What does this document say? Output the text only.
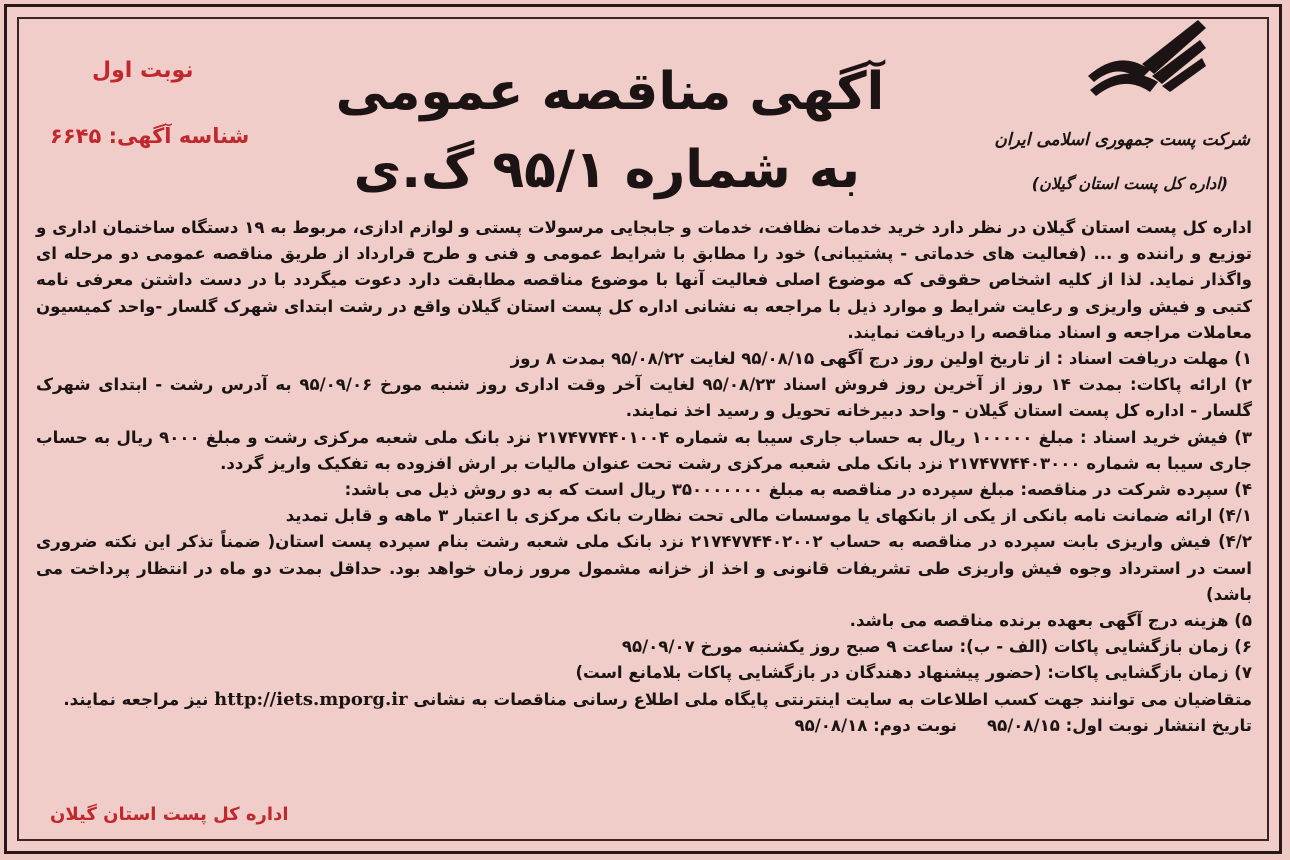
شرکت پست جمهوری اسلامی ایران
(اداره کل پست استان گیلان)
آگهی مناقصه عمومی
به شماره ۹۵/۱ گ.ی
نوبت اول
شناسه آگهی: ۶۶۴۵

اداره کل پست استان گیلان در نظر دارد خرید خدمات نظافت، خدمات و جابجایی مرسولات پستی و لوازم ادازی، مربوط به ۱۹ دستگاه ساختمان اداری و توزیع و راننده و ... (فعالیت های خدماتی - پشتیبانی) خود را مطابق با شرایط عمومی و فنی و طرح قرارداد از طریق مناقصه عمومی دو مرحله ای واگذار نماید. لذا از کلیه اشخاص حقوقی که موضوع اصلی فعالیت آنها با موضوع مناقصه مطابقت دارد دعوت میگردد با در دست داشتن معرفی نامه کتبی و فیش واریزی و رعایت شرایط و موارد ذیل با مراجعه به نشانی اداره کل پست استان گیلان واقع در رشت ابتدای شهرک گلسار -واحد کمیسیون معاملات مراجعه و اسناد مناقصه را دریافت نمایند.

۱) مهلت دریافت اسناد : از تاریخ اولین روز درج آگهی ۹۵/۰۸/۱۵ لغایت ۹۵/۰۸/۲۲ بمدت ۸ روز

۲) ارائه پاکات: بمدت ۱۴ روز از آخرین روز فروش اسناد ۹۵/۰۸/۲۳ لغایت آخر وقت اداری روز شنبه مورخ ۹۵/۰۹/۰۶ به آدرس رشت - ابتدای شهرک گلسار - اداره کل پست استان گیلان - واحد دبیرخانه تحویل و رسید اخذ نمایند.

۳) فیش خرید اسناد : مبلغ ۱۰۰۰۰۰ ریال به حساب جاری سیبا به شماره ۲۱۷۴۷۷۴۴۰۱۰۰۴ نزد بانک ملی شعبه مرکزی رشت و مبلغ ۹۰۰۰ ریال به حساب جاری سیبا به شماره ۲۱۷۴۷۷۴۴۰۳۰۰۰ نزد بانک ملی شعبه مرکزی رشت تحت عنوان مالیات بر ارش افزوده به تفکیک واریز گردد.

۴) سپرده شرکت در مناقصه: مبلغ سپرده در مناقصه به مبلغ ۳۵۰۰۰۰۰۰۰ ریال است که به دو روش ذیل می باشد:

۴/۱) ارائه ضمانت نامه بانکی از یکی از بانکهای یا موسسات مالی تحت نظارت بانک مرکزی با اعتبار ۳ ماهه و قابل تمدید

۴/۲) فیش واریزی بابت سپرده در مناقصه به حساب ۲۱۷۴۷۷۴۴۰۲۰۰۲ نزد بانک ملی شعبه رشت بنام سپرده پست استان( ضمناً تذکر این نکته ضروری است در استرداد وجوه فیش واریزی طی تشریفات قانونی و اخذ از خزانه مشمول مرور زمان خواهد بود. حداقل بمدت دو ماه در انتظار پرداخت می باشد)

۵) هزینه درج آگهی بعهده برنده مناقصه می باشد.

۶) زمان بازگشایی پاکات (الف - ب): ساعت ۹ صبح روز یکشنبه مورخ ۹۵/۰۹/۰۷

۷) زمان بازگشایی پاکات: (حضور پیشنهاد دهندگان در بازگشایی پاکات بلامانع است)

متقاضیان می توانند جهت کسب اطلاعات به سایت اینترنتی پایگاه ملی اطلاع رسانی مناقصات به نشانی http://iets.mporg.ir نیز مراجعه نمایند.

تاریخ انتشار نوبت اول: ۹۵/۰۸/۱۵
نوبت دوم: ۹۵/۰۸/۱۸
اداره کل پست استان گیلان
